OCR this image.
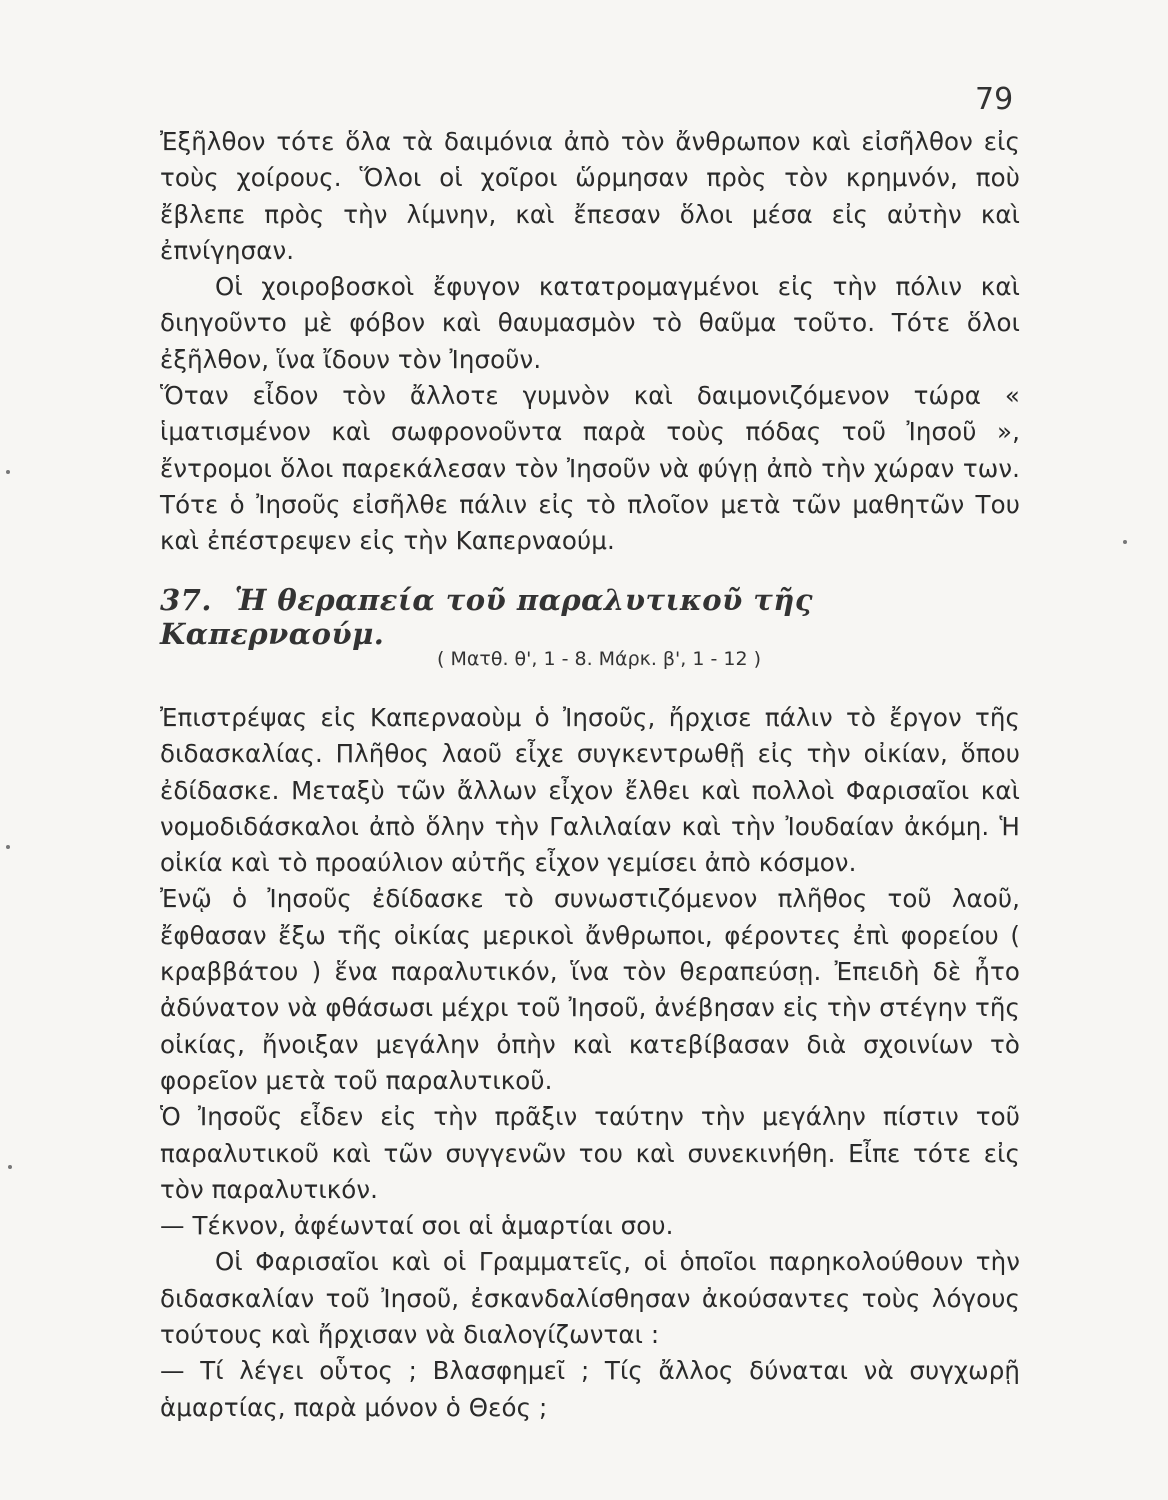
79

Ἐξῆλθον τότε ὅλα τὰ δαιμόνια ἀπὸ τὸν ἄνθρωπον καὶ εἰσῆλθον εἰς τοὺς χοίρους. Ὅλοι οἱ χοῖροι ὥρμησαν πρὸς τὸν κρημνόν, ποὺ ἔβλεπε πρὸς τὴν λίμνην, καὶ ἔπεσαν ὅλοι μέσα εἰς αὐτὴν καὶ ἐπνίγησαν.

Οἱ χοιροβοσκοὶ ἔφυγον κατατρομαγμένοι εἰς τὴν πόλιν καὶ διηγοῦντο μὲ φόβον καὶ θαυμασμὸν τὸ θαῦμα τοῦτο. Τότε ὅλοι ἐξῆλθον, ἵνα ἴδουν τὸν Ἰησοῦν.

Ὅταν εἶδον τὸν ἄλλοτε γυμνὸν καὶ δαιμονιζόμενον τώρα « ἱματισμένον καὶ σωφρονοῦντα παρὰ τοὺς πόδας τοῦ Ἰησοῦ », ἔντρομοι ὅλοι παρεκάλεσαν τὸν Ἰησοῦν νὰ φύγῃ ἀπὸ τὴν χώραν των. Τότε ὁ Ἰησοῦς εἰσῆλθε πάλιν εἰς τὸ πλοῖον μετὰ τῶν μαθητῶν Του καὶ ἐπέστρεψεν εἰς τὴν Καπερναούμ.

37. Ἡ θεραπεία τοῦ παραλυτικοῦ τῆς Καπερναούμ.
( Ματθ. θ', 1 - 8. Μάρκ. β', 1 - 12 )

Ἐπιστρέψας εἰς Καπερναοὺμ ὁ Ἰησοῦς, ἤρχισε πάλιν τὸ ἔργον τῆς διδασκαλίας. Πλῆθος λαοῦ εἶχε συγκεντρωθῇ εἰς τὴν οἰκίαν, ὅπου ἐδίδασκε. Μεταξὺ τῶν ἄλλων εἶχον ἔλθει καὶ πολλοὶ Φαρισαῖοι καὶ νομοδιδάσκαλοι ἀπὸ ὅλην τὴν Γαλιλαίαν καὶ τὴν Ἰουδαίαν ἀκόμη. Ἡ οἰκία καὶ τὸ προαύλιον αὐτῆς εἶχον γεμίσει ἀπὸ κόσμον.

Ἐνῷ ὁ Ἰησοῦς ἐδίδασκε τὸ συνωστιζόμενον πλῆθος τοῦ λαοῦ, ἔφθασαν ἔξω τῆς οἰκίας μερικοὶ ἄνθρωποι, φέροντες ἐπὶ φορείου ( κραββάτου ) ἕνα παραλυτικόν, ἵνα τὸν θεραπεύσῃ. Ἐπειδὴ δὲ ἦτο ἀδύνατον νὰ φθάσωσι μέχρι τοῦ Ἰησοῦ, ἀνέβησαν εἰς τὴν στέγην τῆς οἰκίας, ἤνοιξαν μεγάλην ὀπὴν καὶ κατεβίβασαν διὰ σχοινίων τὸ φορεῖον μετὰ τοῦ παραλυτικοῦ.

Ὁ Ἰησοῦς εἶδεν εἰς τὴν πρᾶξιν ταύτην τὴν μεγάλην πίστιν τοῦ παραλυτικοῦ καὶ τῶν συγγενῶν του καὶ συνεκινήθη. Εἶπε τότε εἰς τὸν παραλυτικόν.

— Τέκνον, ἀφέωνταί σοι αἱ ἁμαρτίαι σου.

Οἱ Φαρισαῖοι καὶ οἱ Γραμματεῖς, οἱ ὁποῖοι παρηκολούθουν τὴν διδασκαλίαν τοῦ Ἰησοῦ, ἐσκανδαλίσθησαν ἀκούσαντες τοὺς λόγους τούτους καὶ ἤρχισαν νὰ διαλογίζωνται :

— Τί λέγει οὗτος ; Βλασφημεῖ ; Τίς ἄλλος δύναται νὰ συγχωρῇ ἁμαρτίας, παρὰ μόνον ὁ Θεός ;
